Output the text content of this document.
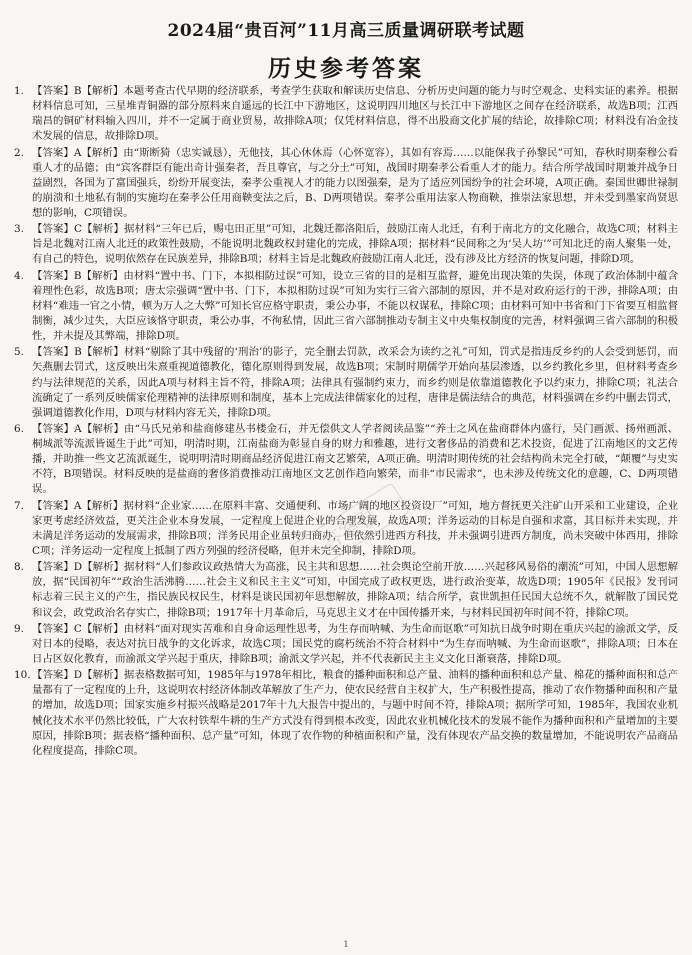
2024届“贵百河”11月高三质量调研联考试题
历史参考答案
1. 【答案】B【解析】本题考查古代早期的经济联系，考查学生获取和解读历史信息、分析历史问题的能力与时空观念、史料实证的素养。根据材料信息可知，三星堆青铜器的部分原料来自遥远的长江中下游地区，这说明四川地区与长江中下游地区之间存在经济联系，故选B项；江西瑞昌的铜矿材料输入四川，并不一定属于商业贸易，故排除A项；仅凭材料信息，得不出股商文化扩展的结论，故排除C项；材料没有冶金技术发展的信息，故排除D项。
2. 【答案】A【解析】由“斯断猗（忠实诚恳），无他技，其心休休焉（心怀宽容），其如有容焉……以能保我子孙黎民”可知，春秋时期秦穆公看重人才的品德；由“宾客群臣有能出奇计强秦者，吾且尊官，与之分土”可知，战国时期秦孝公看重人才的能力。结合所学战国时期兼并战争日益剧烈，各国为了富国强兵，纷纷开展变法，秦孝公重视人才的能力以图强秦，是为了适应列国纷争的社会环境，A项正确。秦国世卿世禄制的崩溃和土地私有制的实施均在秦孝公任用商鞅变法之后，B、D两项错误。秦孝公重用法家人物商鞅，推崇法家思想，并未受到墨家尚贤思想的影响，C项错误。
3. 【答案】C【解析】据材料“三年已后，赐屯田正里”可知，北魏迁都洛阳后，鼓励江南人北迁，有利于南北方的文化融合，故选C项；材料主旨是北魏对江南人北迁的政策性鼓励，不能说明北魏政权封建化的完成，排除A项；据材料“民间称之为‘吴人坊’”可知北迁的南人聚集一处，有自己的特色，说明依然存在民族差异，排除B项；材料主旨是北魏政府鼓励江南人北迁，没有涉及比方经济的恢复问题，排除D项。
4. 【答案】B【解析】由材料“置中书、门下，本拟相防过误”可知，设立三省的目的是相互监督，避免出现决策的失误，体现了政治体制中蕴含着理性色彩，故选B项；唐太宗强调“置中书、门下，本拟相防过误”可知为实行三省六部制的原因，并不是对政府运行的干涉，排除A项；由材料“难违一官之小情，顿为万人之大弊”可知长官应格守职责，秉公办事，不能以权谋私，排除C项；由材料可知中书省和门下省要互相监督制衡，减少过失，大臣应该恪守职责，秉公办事，不徇私情，因此三省六部制推动专制主义中央集权制度的完善，材料强调三省六部制的积极性，并未提及其弊端，排除D项。
5. 【答案】B【解析】材料“剔除了其中残留的‘刑治’的影子，完全删去罚款，改采会为读约之礼”可知，罚式是指违反乡约的人会受到惩罚，而矢燕删去罚式，这反映出朱熹重视道德教化，德化原则得到发展，故选B项；宋制时期儒学开始向基层渗透，以乡约教化乡里，但材料考查乡约与法律规范的关系，因此A项与材料主旨不符，排除A项；法律具有强制约束力，而乡约则是依靠道德教化予以约束力，排除C项；礼法合流确定了一系列反映儒家伦理精神的法律原则和制度，基本上完成法律儒家化的过程，唐律是儒法结合的典范，材料强调在乡约中删去罚式，强调道德教化作用，D项与材料内容无关，排除D项。
6. 【答案】A【解析】由“马氏兄弟和盐商修建丛书楼金石，并无偿供文人学者阅读品鉴”“养士之风在盐商群体内盛行，吴门画派、扬州画派、桐城派等流派皆诞生于此”可知，明清时期，江南盐商为彰显自身的财力和雅趣，进行文奢侈品的消费和艺术投资，促进了江南地区的文艺传播，并助推一些文艺流派诞生，说明明清时期商品经济促进江南文艺繁荣，A项正确。明清时期传统的社会结构尚未完全打破，“颠覆”与史实不符，B项错误。材料反映的是盐商的奢侈消费推动江南地区文艺创作趋向繁荣，而非“市民需求”，也未涉及传统文化的意趣，C、D两项错误。
7. 【答案】A【解析】据材料“企业家……在原料丰富、交通便利、市场广阔的地区投资设厂”可知，地方督抚更关注矿山开采和工业建设，企业家更考虑经济效益，更关注企业本身发展，一定程度上促进企业的合理发展，故选A项；洋务运动的目标是自强和求富，其目标并未实现，并未满足洋务运动的发展需求，排除B项；洋务民用企业虽转归商办，但依然引进西方科技，并未强调引进西方制度，尚未突破中体西用，排除C项；洋务运动一定程度上抵制了西方列强的经济侵略，但并未完全抑制，排除D项。
8. 【答案】D【解析】据材料“人们参政议政热情大为高涨，民主共和思想……社会舆论空前开放……兴起移风易俗的潮流”可知，中国人思想解放，据“民国初年”“政治生活沸腾……社会主义和民主主义”可知，中国完成了政权更迭，进行政治变革，故选D项；1905年《民报》发刊词标志着三民主义的产生，指民族民权民生，材料是谈民国初年思想解放，排除A项；结合所学，袁世凯担任民国大总统不久，就解散了国民党和议会，政党政治名存实亡，排除B项；1917年十月革命后，马克思主义才在中国传播开来，与材料民国初年时间不符，排除C项。
9. 【答案】C【解析】由材料“面对现实苦难和自身命运理性思考，为生存而呐喊、为生命而讴歌”可知抗日战争时期在重庆兴起的渝派文学，反对日本的侵略，表达对抗日战争的文化诉求，故选C项；国民党的腐朽统治不符合材料中“为生存而呐喊、为生命而讴歌”，排除A项；日本在日占区奴化教育，而渝派文学兴起于重庆，排除B项；渝派文学兴起，并不代表新民主主义文化日渐衰落，排除D项。
10. 【答案】D【解析】据表格数据可知，1985年与1978年相比，粮食的播种面积和总产量、油料的播种面积和总产量、棉花的播种面积和总产量都有了一定程度的上升，这说明农村经济体制改革解放了生产力，使农民经营自主权扩大，生产积极性提高，推动了农作物播种面积和产量的增加，故选D项；国家实施乡村振兴战略是2017年十九大报告中提出的，与题中时间不符，排除A项；据所学可知，1985年，我国农业机械化技术水平仍然比较低，广大农村铁犁牛耕的生产方式没有得到根本改变，因此农业机械化技术的发展不能作为播种面积和产量增加的主要原因，排除B项；据表格“播种面积、总产量”可知，体现了农作物的种植面积和产量，没有体现农产品交换的数量增加，不能说明农产品商品化程度提高，排除C项。
答案君
1
